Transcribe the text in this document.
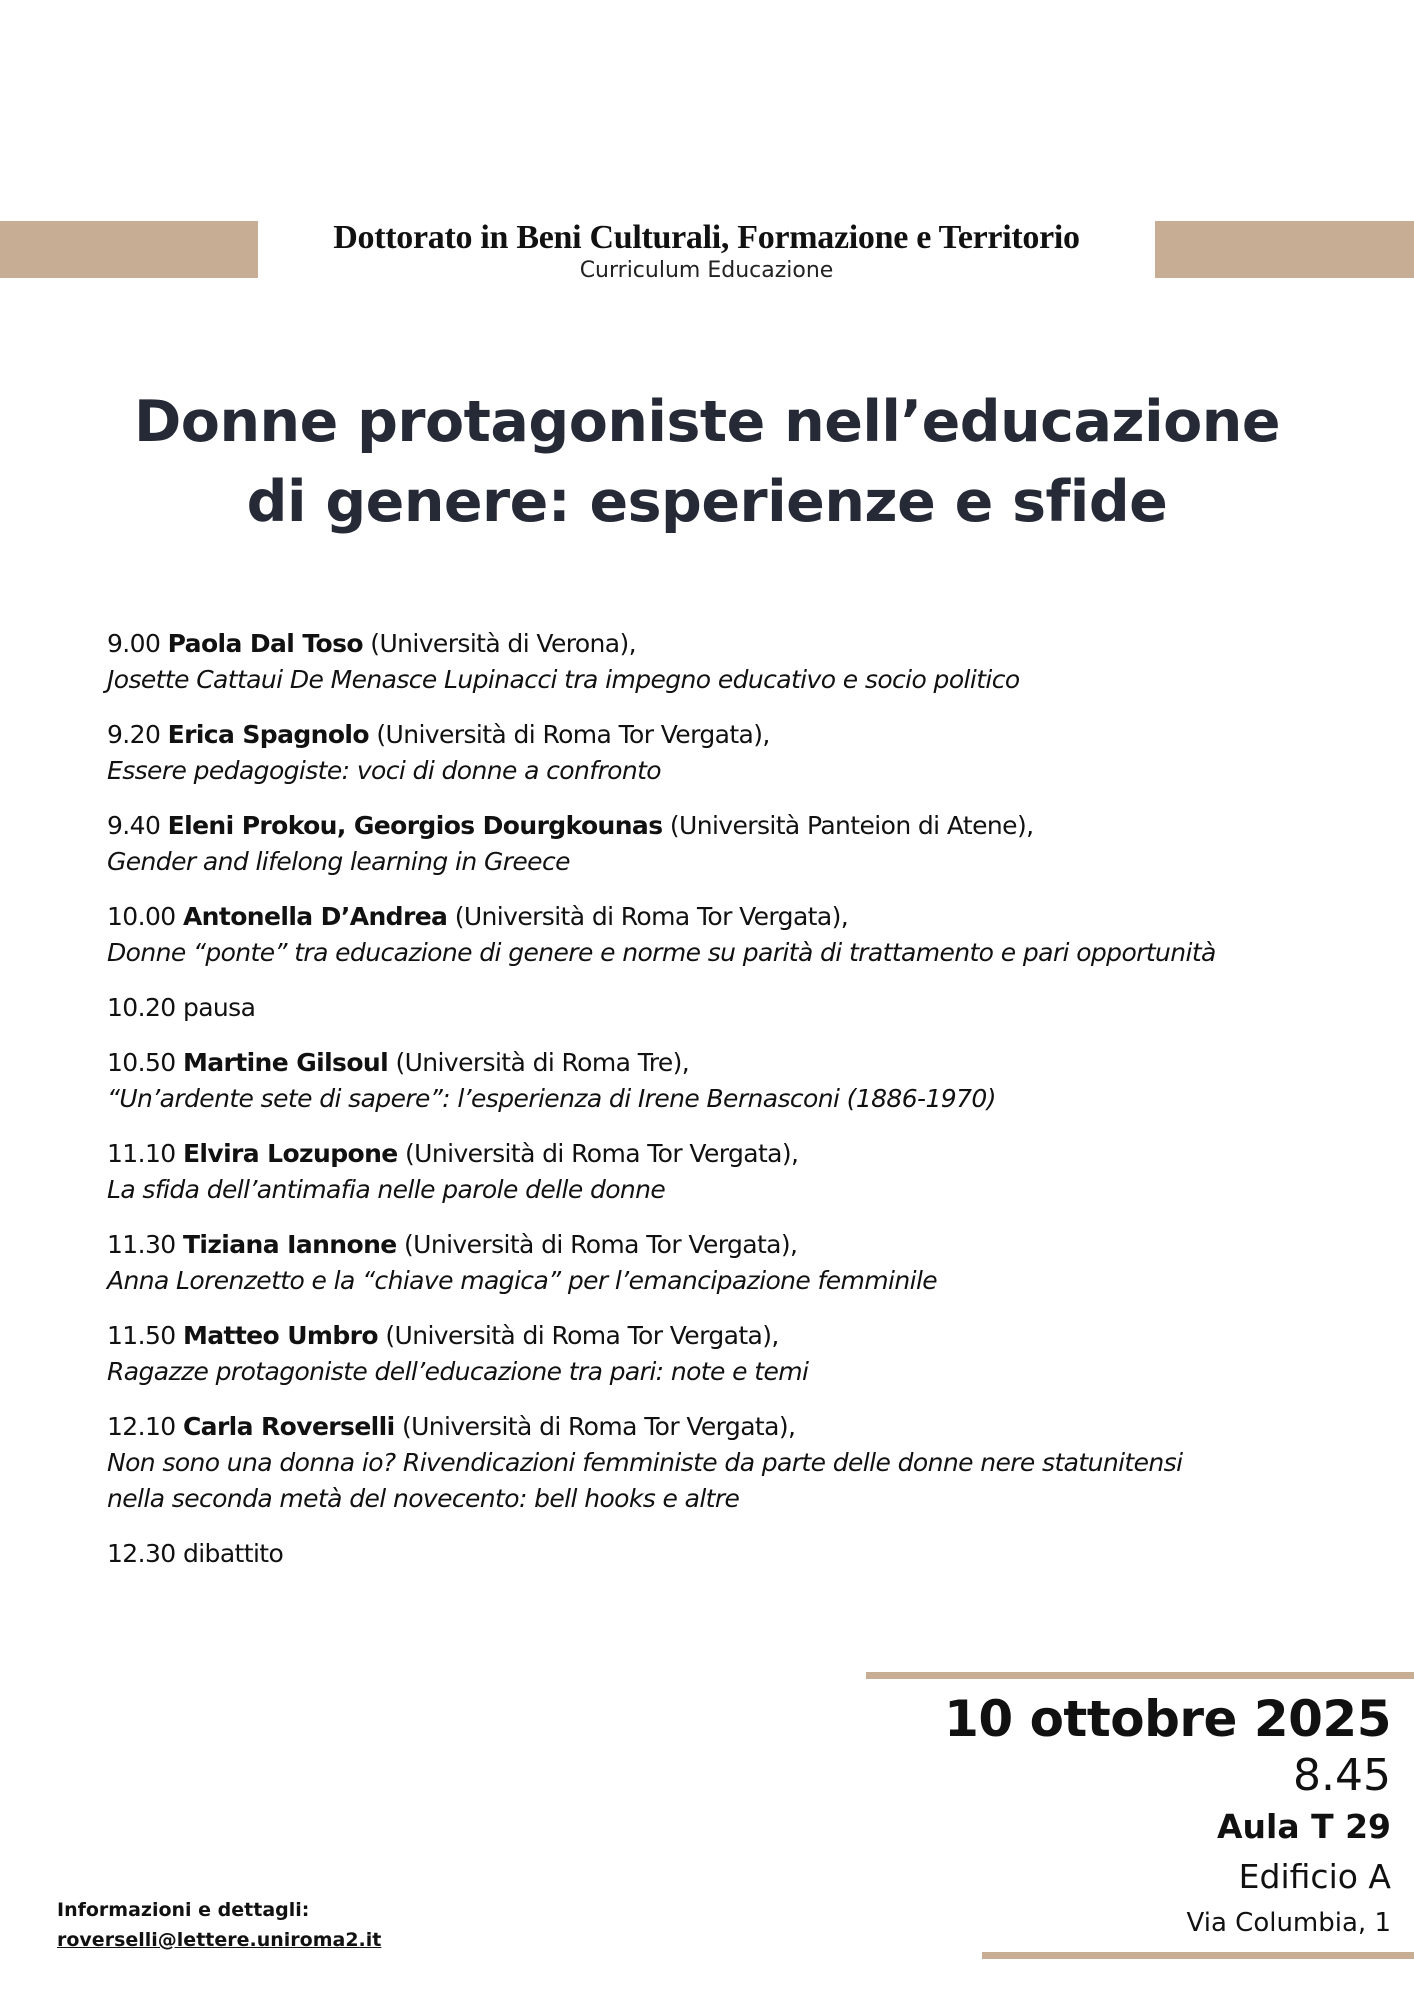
Dottorato in Beni Culturali, Formazione e Territorio
Curriculum Educazione
Donne protagoniste nell’educazione
di genere: esperienze e sfide
9.00 Paola Dal Toso (Università di Verona),
Josette Cattaui De Menasce Lupinacci tra impegno educativo e socio politico
9.20 Erica Spagnolo (Università di Roma Tor Vergata),
Essere pedagogiste: voci di donne a confronto
9.40 Eleni Prokou, Georgios Dourgkounas (Università Panteion di Atene),
Gender and lifelong learning in Greece
10.00 Antonella D’Andrea (Università di Roma Tor Vergata),
Donne “ponte” tra educazione di genere e norme su parità di trattamento e pari opportunità
10.20 pausa
10.50 Martine Gilsoul (Università di Roma Tre),
“Un’ardente sete di sapere”: l’esperienza di Irene Bernasconi (1886-1970)
11.10 Elvira Lozupone (Università di Roma Tor Vergata),
La sfida dell’antimafia nelle parole delle donne
11.30 Tiziana Iannone (Università di Roma Tor Vergata),
Anna Lorenzetto e la “chiave magica” per l’emancipazione femminile
11.50 Matteo Umbro (Università di Roma Tor Vergata),
Ragazze protagoniste dell’educazione tra pari: note e temi
12.10 Carla Roverselli (Università di Roma Tor Vergata),
Non sono una donna io? Rivendicazioni femministe da parte delle donne nere statunitensi
nella seconda metà del novecento: bell hooks e altre
12.30 dibattito
10 ottobre 2025
8.45
Aula T 29
Edificio A
Via Columbia, 1
Informazioni e dettagli:
roverselli@lettere.uniroma2.it
